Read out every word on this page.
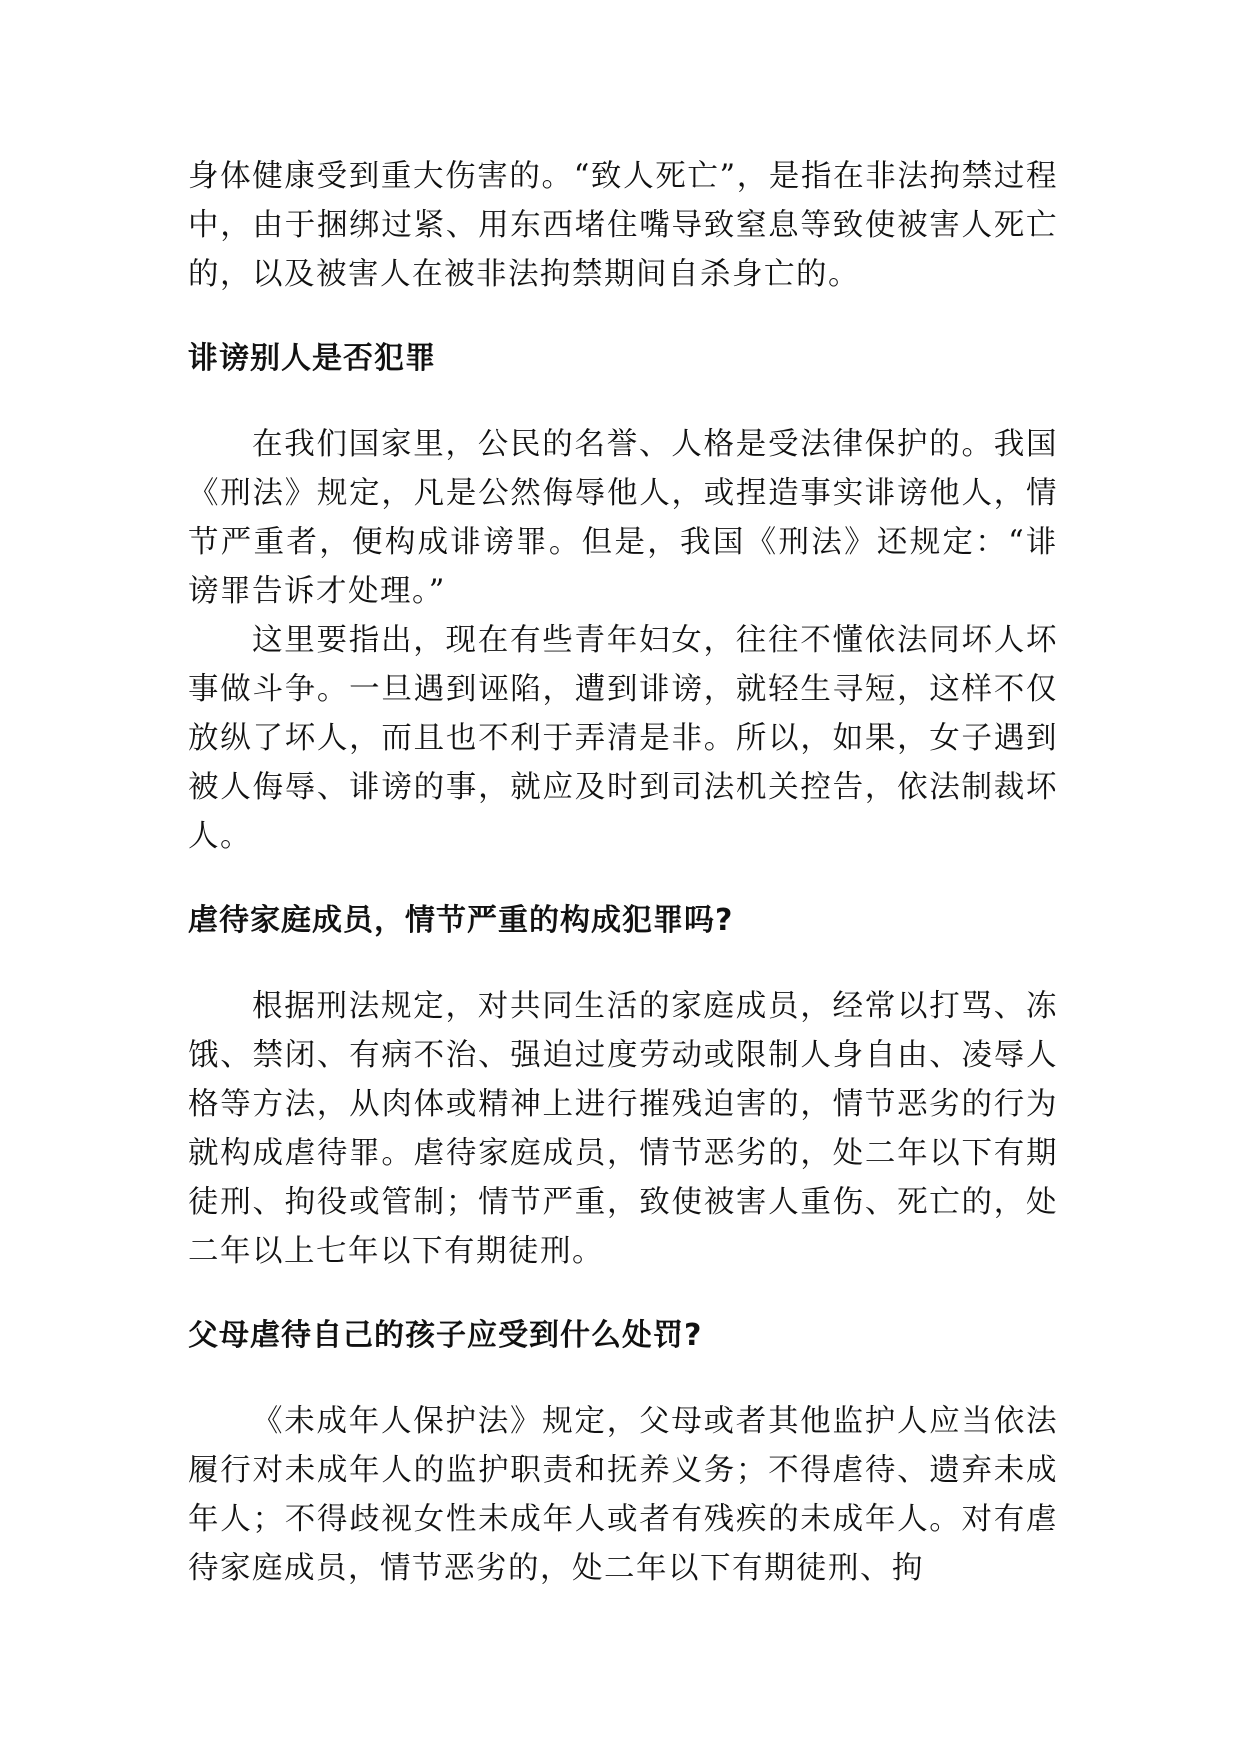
身体健康受到重大伤害的。“致人死亡”，是指在非法拘禁过程中，由于捆绑过紧、用东西堵住嘴导致窒息等致使被害人死亡的，以及被害人在被非法拘禁期间自杀身亡的。

诽谤别人是否犯罪

在我们国家里，公民的名誉、人格是受法律保护的。我国《刑法》规定，凡是公然侮辱他人，或捏造事实诽谤他人，情节严重者，便构成诽谤罪。但是，我国《刑法》还规定：“诽谤罪告诉才处理。”

这里要指出，现在有些青年妇女，往往不懂依法同坏人坏事做斗争。一旦遇到诬陷，遭到诽谤，就轻生寻短，这样不仅放纵了坏人，而且也不利于弄清是非。所以，如果，女子遇到被人侮辱、诽谤的事，就应及时到司法机关控告，依法制裁坏人。

虐待家庭成员，情节严重的构成犯罪吗?

根据刑法规定，对共同生活的家庭成员，经常以打骂、冻饿、禁闭、有病不治、强迫过度劳动或限制人身自由、凌辱人格等方法，从肉体或精神上进行摧残迫害的，情节恶劣的行为就构成虐待罪。虐待家庭成员，情节恶劣的，处二年以下有期徒刑、拘役或管制；情节严重，致使被害人重伤、死亡的，处二年以上七年以下有期徒刑。

父母虐待自己的孩子应受到什么处罚?

《未成年人保护法》规定，父母或者其他监护人应当依法履行对未成年人的监护职责和抚养义务；不得虐待、遗弃未成年人；不得歧视女性未成年人或者有残疾的未成年人。对有虐待家庭成员，情节恶劣的，处二年以下有期徒刑、拘
